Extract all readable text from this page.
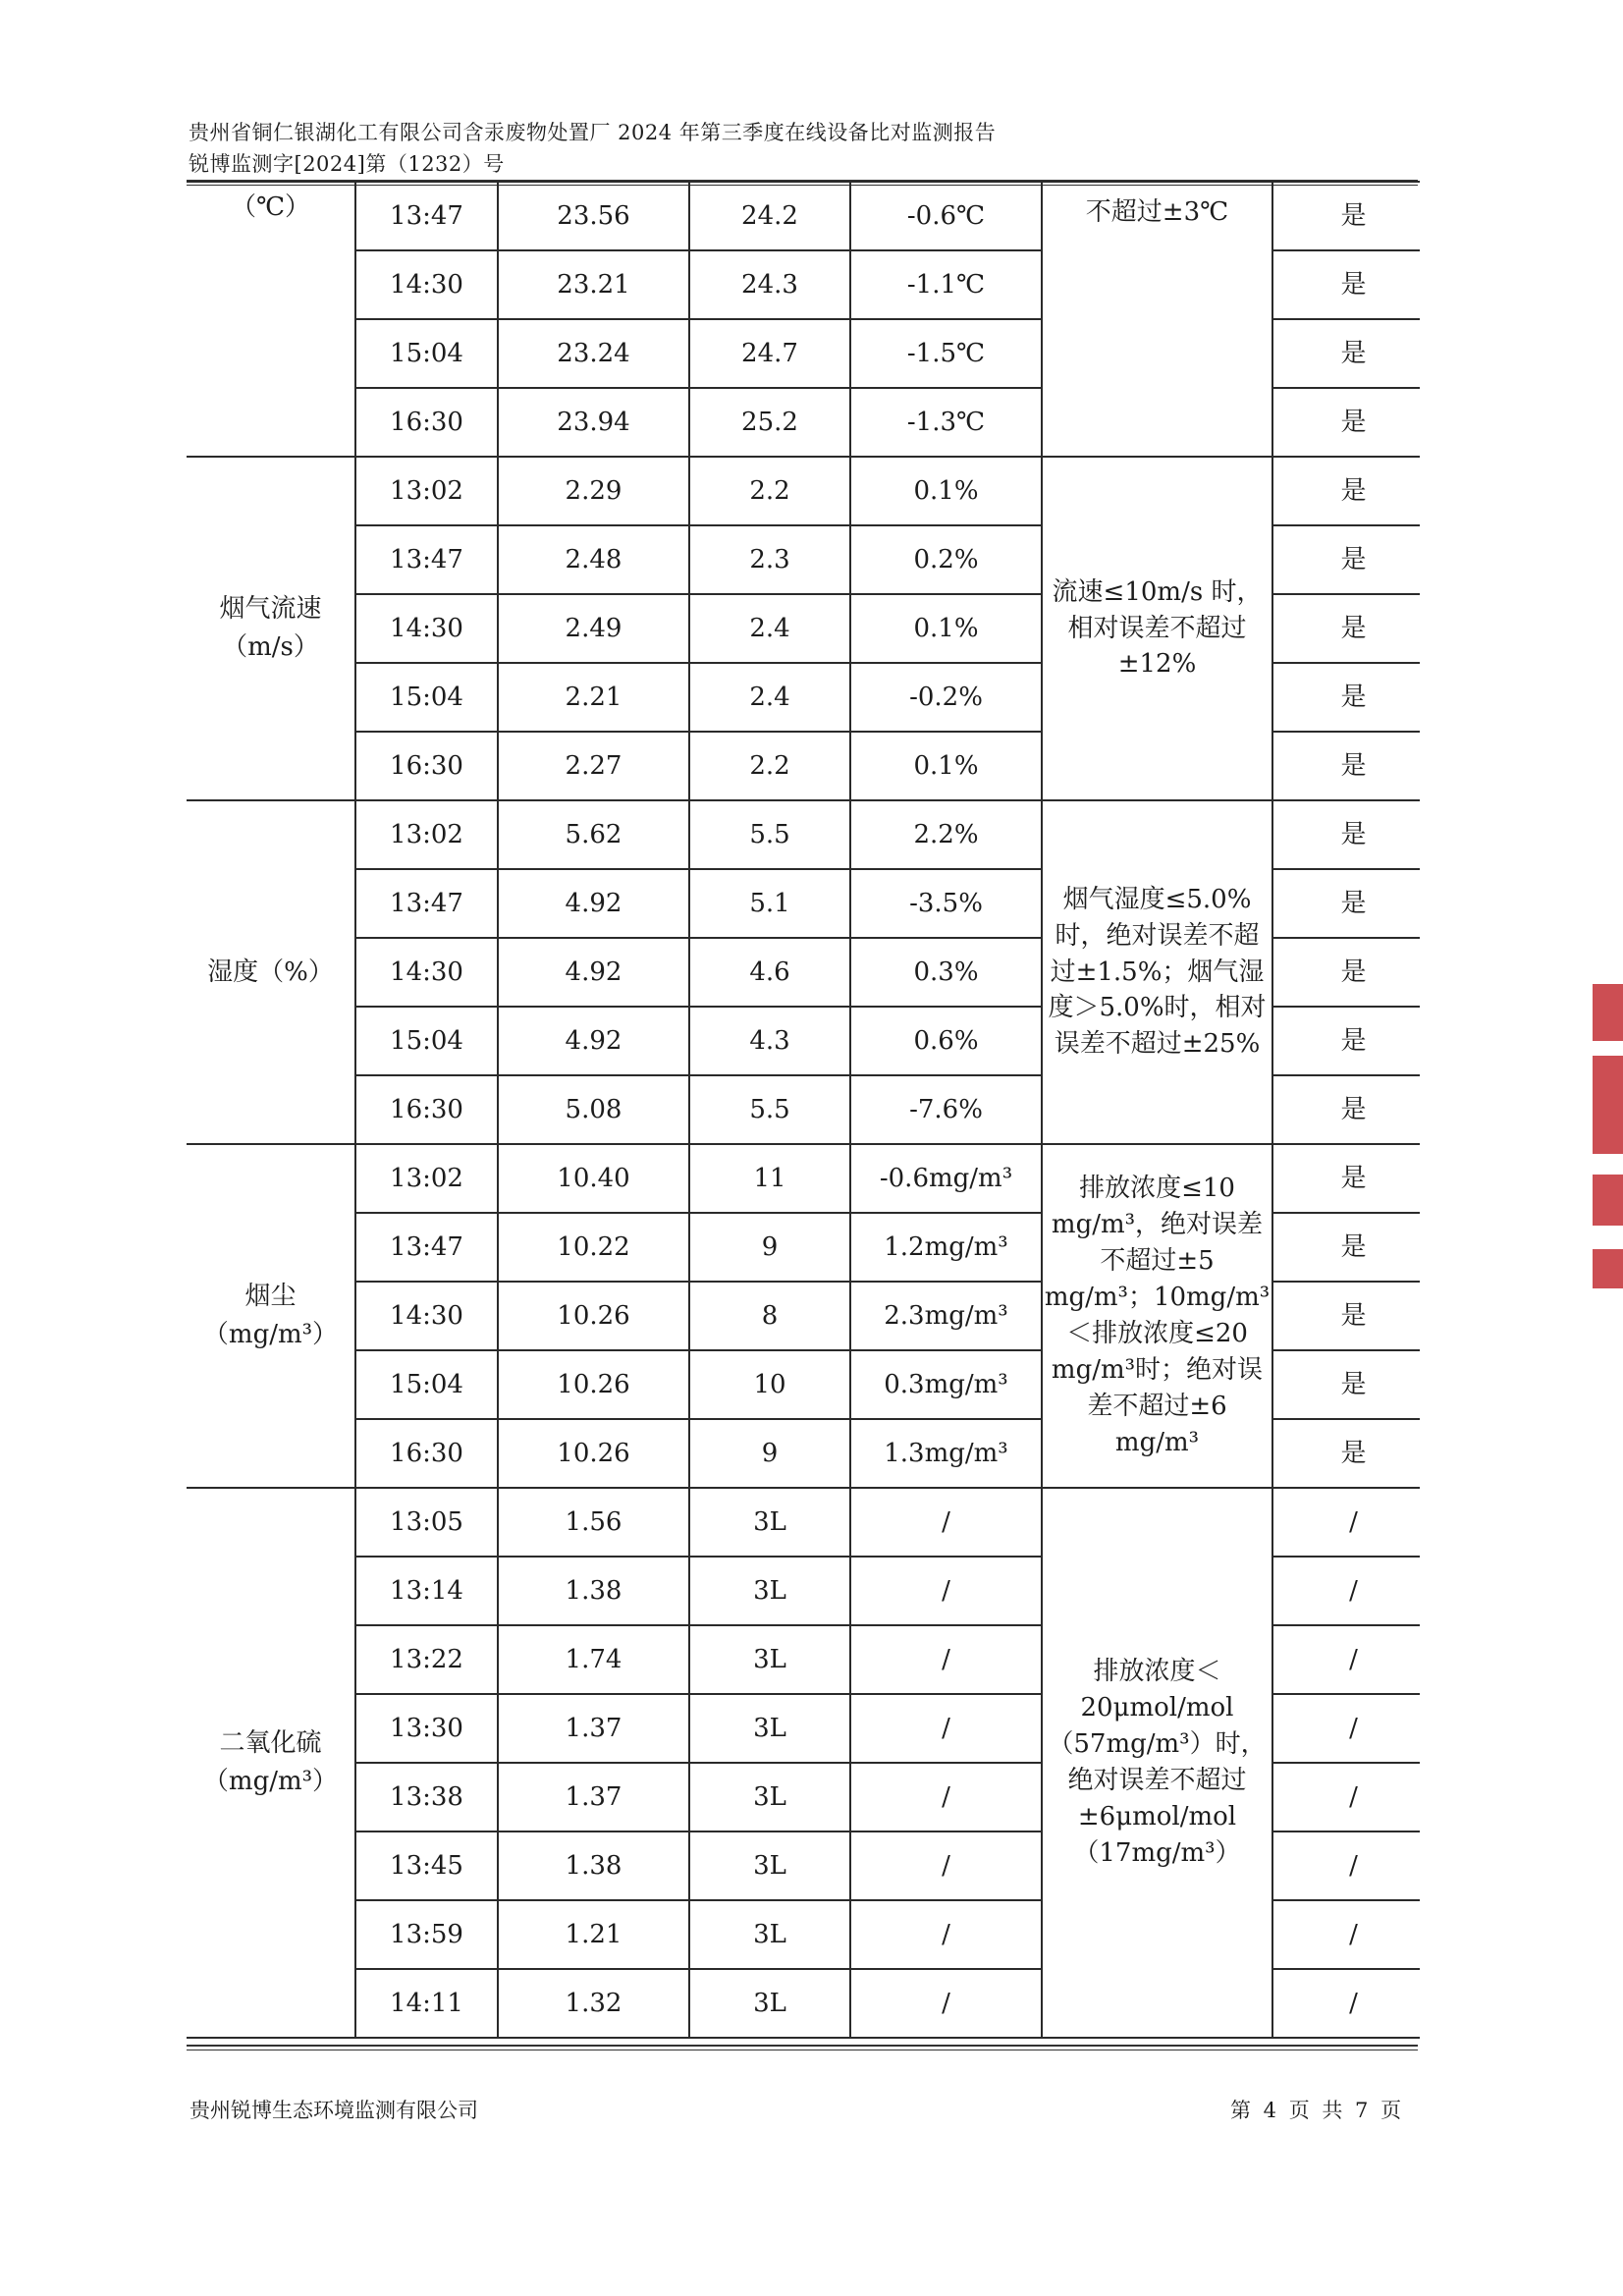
贵州省铜仁银湖化工有限公司含汞废物处置厂 2024 年第三季度在线设备比对监测报告
锐博监测字[2024]第（1232）号
（℃）	13:47	23.56	24.2	-0.6℃	不超过±3℃	是
	14:30	23.21	24.3	-1.1℃		是
	15:04	23.24	24.7	-1.5℃		是
	16:30	23.94	25.2	-1.3℃		是

烟气流速
（m/s）	13:02	2.29	2.2	0.1%	流速≤10m/s 时，相对误差不超过±12%	是
	13:47	2.48	2.3	0.2%		是
	14:30	2.49	2.4	0.1%		是
	15:04	2.21	2.4	-0.2%		是
	16:30	2.27	2.2	0.1%		是

湿度（%）	13:02	5.62	5.5	2.2%	烟气湿度≤5.0%时，绝对误差不超过±1.5%；烟气湿度＞5.0%时，相对误差不超过±25%	是
	13:47	4.92	5.1	-3.5%		是
	14:30	4.92	4.6	0.3%		是
	15:04	4.92	4.3	0.6%		是
	16:30	5.08	5.5	-7.6%		是

烟尘
（mg/m³）	13:02	10.40	11	-0.6mg/m³	排放浓度≤10 mg/m³，绝对误差不超过±5 mg/m³；10mg/m³＜排放浓度≤20 mg/m³时；绝对误差不超过±6 mg/m³	是
	13:47	10.22	9	1.2mg/m³		是
	14:30	10.26	8	2.3mg/m³		是
	15:04	10.26	10	0.3mg/m³		是
	16:30	10.26	9	1.3mg/m³		是

二氧化硫
（mg/m³）	13:05	1.56	3L	/	排放浓度＜20μmol/mol（57mg/m³）时，绝对误差不超过±6μmol/mol（17mg/m³）	/
	13:14	1.38	3L	/		/
	13:22	1.74	3L	/		/
	13:30	1.37	3L	/		/
	13:38	1.37	3L	/		/
	13:45	1.38	3L	/		/
	13:59	1.21	3L	/		/
	14:11	1.32	3L	/		/
贵州锐博生态环境监测有限公司	第 4 页 共 7 页
